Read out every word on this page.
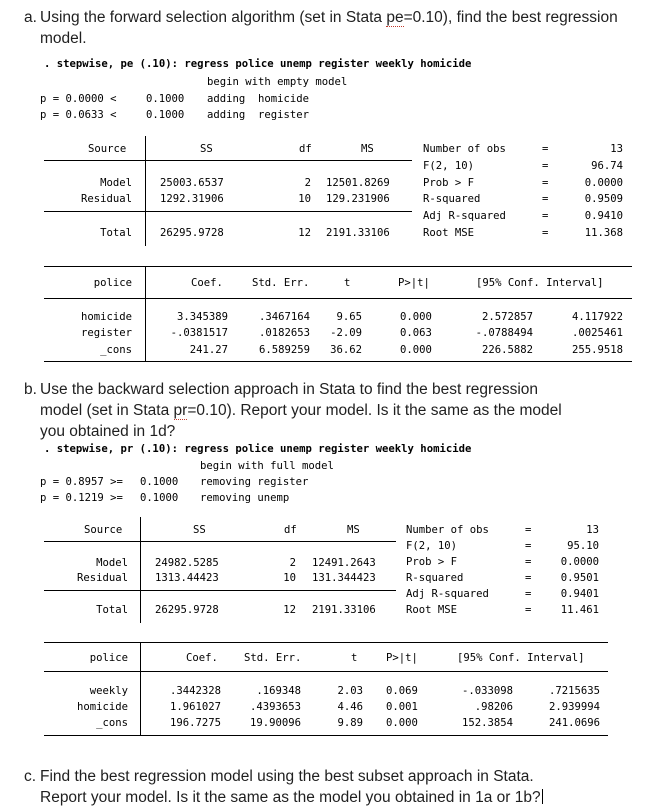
a. Using the forward selection algorithm (set in Stata pe=0.10), find the best regression model.
. stepwise, pe (.10): regress police unemp register weekly homicide
begin with empty model
p = 0.0000 <	0.1000 adding  homicide
p = 0.0633 <	0.1000 adding  register
Source	SS	df	MS
Model	25003.6537	2 12501.8269
Residual	1292.31906	10 129.231906
Total	26295.9728	12 2191.33106
Number of obs	=	13
F(2, 10)	=	96.74
Prob > F	=	0.0000
R-squared	=	0.9509
Adj R-squared	=	0.9410
Root MSE	=	11.368
police	Coef.	Std. Err.	t	P>|t|	[95% Conf. Interval]
homicide	3.345389	.3467164	9.65	0.000	2.572857	4.117922
register	-.0381517	.0182653	-2.09	0.063	-.0788494	.0025461
_cons	241.27	6.589259	36.62	0.000	226.5882	255.9518
b. Use the backward selection approach in Stata to find the best regression
model (set in Stata pr=0.10). Report your model. Is it the same as the model
you obtained in 1d?
. stepwise, pr (.10): regress police unemp register weekly homicide
begin with full model
p = 0.8957 >= 0.1000 removing register
p = 0.1219 >= 0.1000 removing unemp
Source	SS	df	MS
Model	24982.5285	2 12491.2643
Residual	1313.44423	10 131.344423
Total	26295.9728	12 2191.33106
Number of obs	=	13
F(2, 10)	=	95.10
Prob > F	=	0.0000
R-squared	=	0.9501
Adj R-squared	=	0.9401
Root MSE	=	11.461
police	Coef. Std. Err.	t	P>|t|	[95% Conf. Interval]
weekly	.3442328	.169348	2.03 0.069	-.033098	.7215635
homicide	1.961027	.4393653	4.46 0.001	.98206	2.939994
_cons	196.7275	19.90096	9.89 0.000	152.3854	241.0696
c. Find the best regression model using the best subset approach in Stata.
Report your model. Is it the same as the model you obtained in 1a or 1b?
